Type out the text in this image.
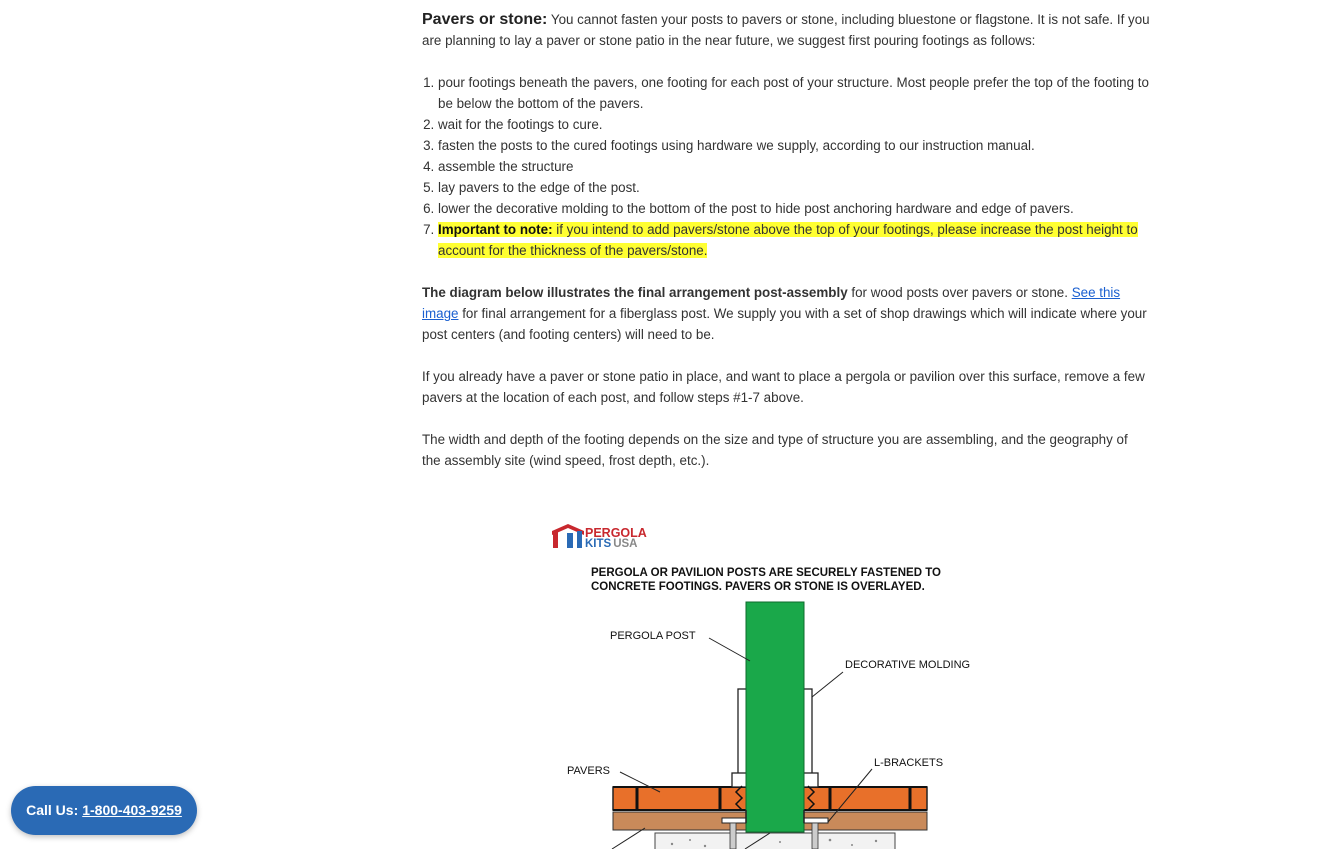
Pavers or stone: You cannot fasten your posts to pavers or stone, including bluestone or flagstone. It is not safe. If you are planning to lay a paver or stone patio in the near future, we suggest first pouring footings as follows:

1. pour footings beneath the pavers, one footing for each post of your structure. Most people prefer the top of the footing to be below the bottom of the pavers.
2. wait for the footings to cure.
3. fasten the posts to the cured footings using hardware we supply, according to our instruction manual.
4. assemble the structure
5. lay pavers to the edge of the post.
6. lower the decorative molding to the bottom of the post to hide post anchoring hardware and edge of pavers.
7. Important to note: if you intend to add pavers/stone above the top of your footings, please increase the post height to account for the thickness of the pavers/stone.

The diagram below illustrates the final arrangement post-assembly for wood posts over pavers or stone. See this image for final arrangement for a fiberglass post. We supply you with a set of shop drawings which will indicate where your post centers (and footing centers) will need to be.

If you already have a paver or stone patio in place, and want to place a pergola or pavilion over this surface, remove a few pavers at the location of each post, and follow steps #1-7 above.

The width and depth of the footing depends on the size and type of structure you are assembling, and the geography of the assembly site (wind speed, frost depth, etc.).

PERGOLA
KITS USA
PERGOLA OR PAVILION POSTS ARE SECURELY FASTENED TO
CONCRETE FOOTINGS. PAVERS OR STONE IS OVERLAYED.
PERGOLA POST
DECORATIVE MOLDING
L-BRACKETS
PAVERS
Call Us: 1-800-403-9259
